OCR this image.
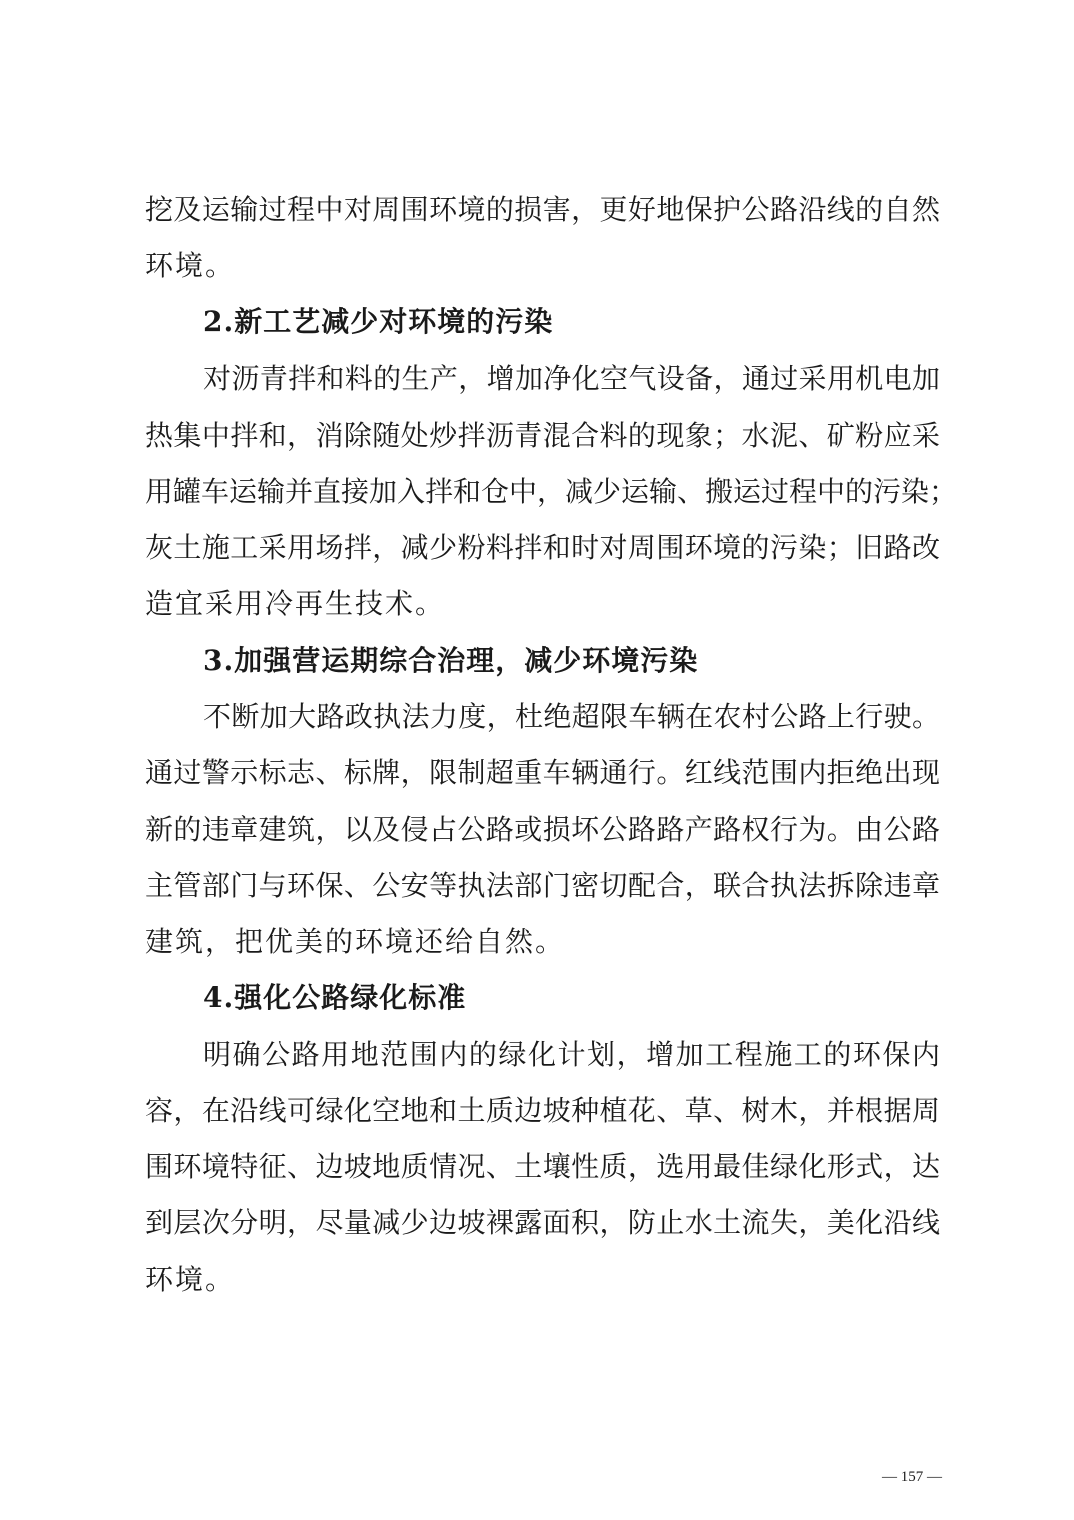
挖及运输过程中对周围环境的损害，更好地保护公路沿线的自然
环境。
2.新工艺减少对环境的污染
对沥青拌和料的生产，增加净化空气设备，通过采用机电加
热集中拌和，消除随处炒拌沥青混合料的现象；水泥、矿粉应采
用罐车运输并直接加入拌和仓中，减少运输、搬运过程中的污染；
灰土施工采用场拌，减少粉料拌和时对周围环境的污染；旧路改
造宜采用冷再生技术。
3.加强营运期综合治理，减少环境污染
不断加大路政执法力度，杜绝超限车辆在农村公路上行驶。
通过警示标志、标牌，限制超重车辆通行。红线范围内拒绝出现
新的违章建筑，以及侵占公路或损坏公路路产路权行为。由公路
主管部门与环保、公安等执法部门密切配合，联合执法拆除违章
建筑，把优美的环境还给自然。
4.强化公路绿化标准
明确公路用地范围内的绿化计划，增加工程施工的环保内
容，在沿线可绿化空地和土质边坡种植花、草、树木，并根据周
围环境特征、边坡地质情况、土壤性质，选用最佳绿化形式，达
到层次分明，尽量减少边坡裸露面积，防止水土流失，美化沿线
环境。
— 157 —
